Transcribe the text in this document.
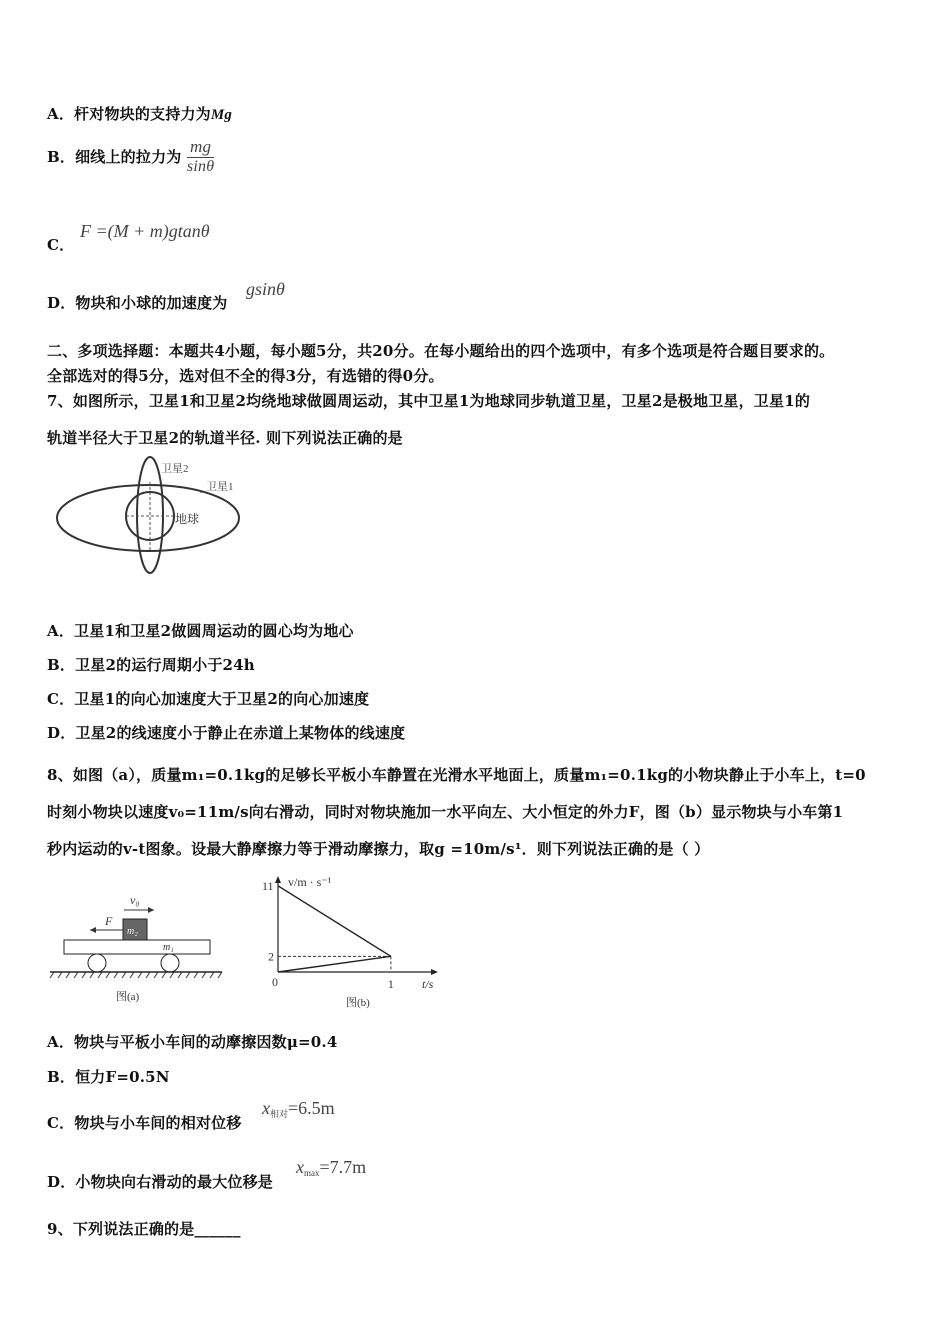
A．杆对物块的支持力为Mg
B．细线上的拉力为 $\frac{mg}{\sin\theta}$
C．
F =(M + m)gtanθ
D．物块和小球的加速度为
gsinθ
二、多项选择题：本题共4小题，每小题5分，共20分。在每小题给出的四个选项中，有多个选项是符合题目要求的。
全部选对的得5分，选对但不全的得3分，有选错的得0分。
7、如图所示，卫星1和卫星2均绕地球做圆周运动，其中卫星1为地球同步轨道卫星，卫星2是极地卫星，卫星1的
轨道半径大于卫星2的轨道半径. 则下列说法正确的是
卫星2
卫星1
地球
A．卫星1和卫星2做圆周运动的圆心均为地心
B．卫星2的运行周期小于24h
C．卫星1的向心加速度大于卫星2的向心加速度
D．卫星2的线速度小于静止在赤道上某物体的线速度
8、如图（a），质量m₁=0.1kg的足够长平板小车静置在光滑水平地面上，质量m₁=0.1kg的小物块静止于小车上，t=0
时刻小物块以速度v₀=11m/s向右滑动，同时对物块施加一水平向左、大小恒定的外力F，图（b）显示物块与小车第1
秒内运动的v-t图象。设最大静摩擦力等于滑动摩擦力，取g =10m/s¹．则下列说法正确的是（ ）
v₀
F
m₂
m₁
图(a)
v/m · s⁻¹
t/s
11
2
1
0
图(b)
A．物块与平板小车间的动摩擦因数μ=0.4
B．恒力F=0.5N
C．物块与小车间的相对位移
$x_{相对}=6.5m$
D．小物块向右滑动的最大位移是
$x_{max}=7.7m$
9、下列说法正确的是______
